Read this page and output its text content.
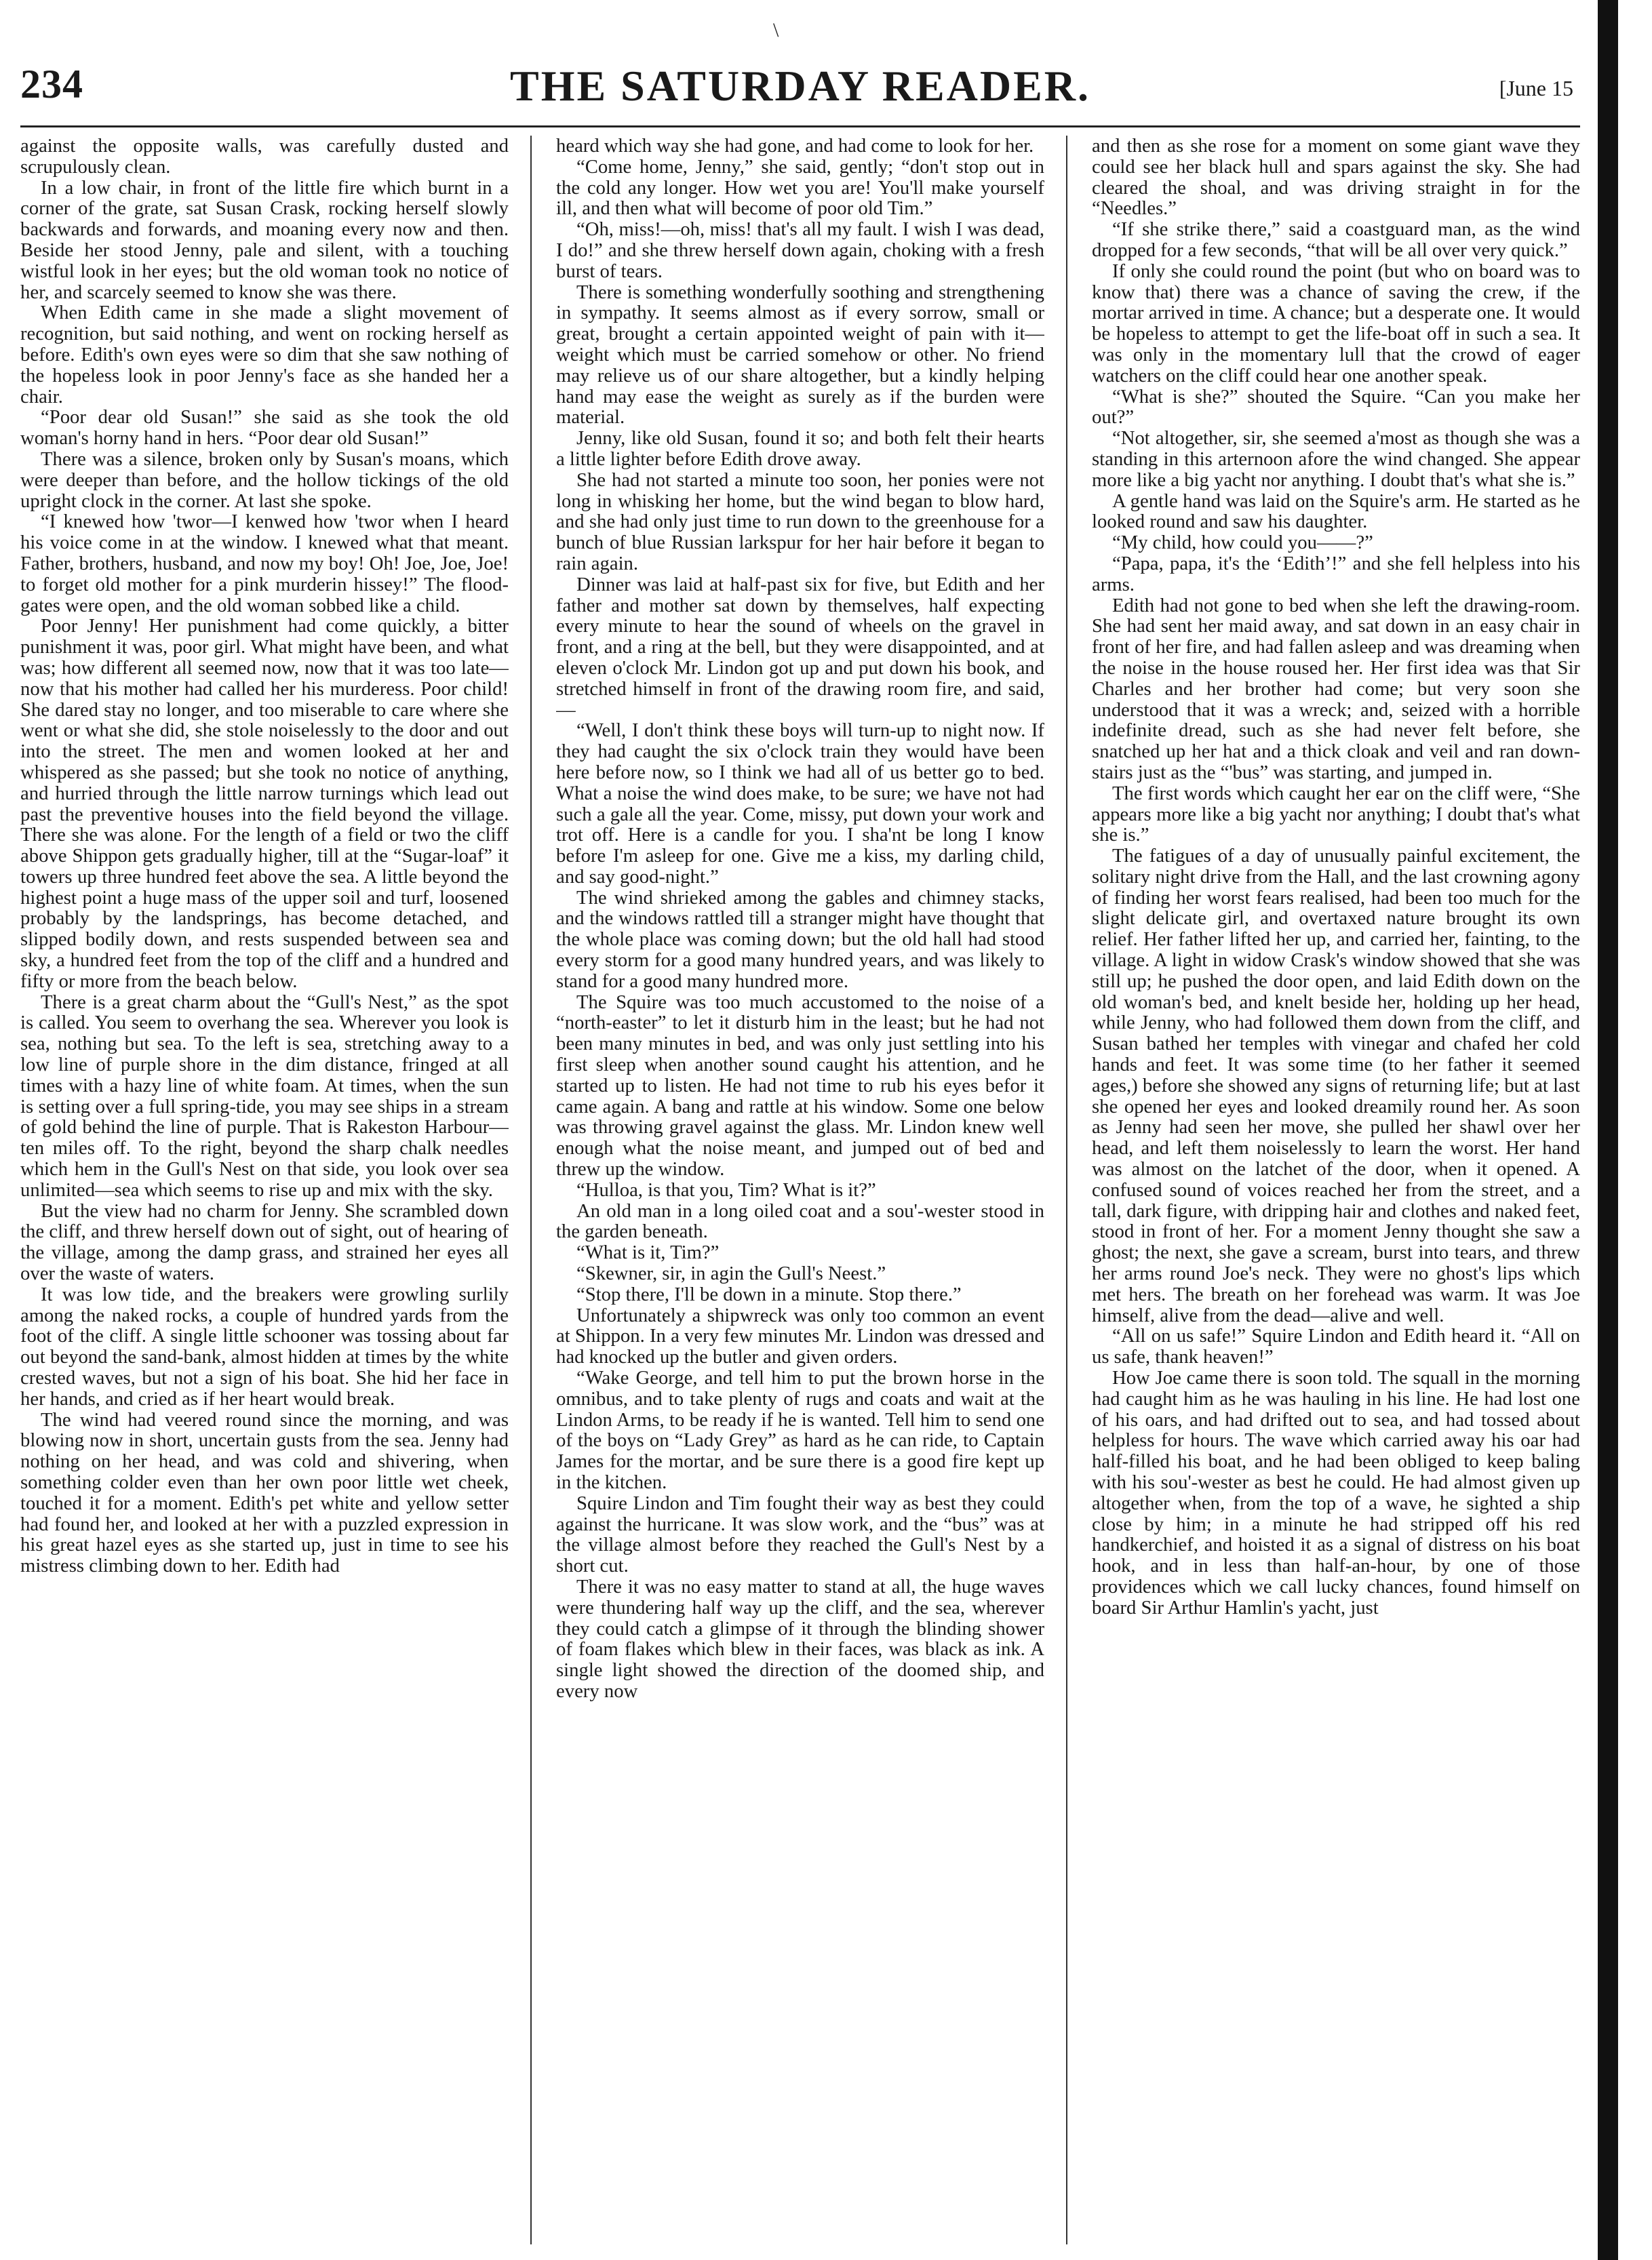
234	THE SATURDAY READER.	[June 15
\

against the opposite walls, was carefully dusted and scrupulously clean.

In a low chair, in front of the little fire which burnt in a corner of the grate, sat Susan Crask, rocking herself slowly backwards and forwards, and moaning every now and then. Beside her stood Jenny, pale and silent, with a touching wistful look in her eyes; but the old woman took no notice of her, and scarcely seemed to know she was there.

When Edith came in she made a slight movement of recognition, but said nothing, and went on rocking herself as before. Edith's own eyes were so dim that she saw nothing of the hopeless look in poor Jenny's face as she handed her a chair.

“Poor dear old Susan!” she said as she took the old woman's horny hand in hers. “Poor dear old Susan!”

There was a silence, broken only by Susan's moans, which were deeper than before, and the hollow tickings of the old upright clock in the corner. At last she spoke.

“I knewed how 'twor—I kenwed how 'twor when I heard his voice come in at the window. I knewed what that meant. Father, brothers, husband, and now my boy! Oh! Joe, Joe, Joe! to forget old mother for a pink murderin hissey!” The flood-gates were open, and the old woman sobbed like a child.

Poor Jenny! Her punishment had come quickly, a bitter punishment it was, poor girl. What might have been, and what was; how different all seemed now, now that it was too late—now that his mother had called her his murderess. Poor child! She dared stay no longer, and too miserable to care where she went or what she did, she stole noiselessly to the door and out into the street. The men and women looked at her and whispered as she passed; but she took no notice of anything, and hurried through the little narrow turnings which lead out past the preventive houses into the field beyond the village. There she was alone. For the length of a field or two the cliff above Shippon gets gradually higher, till at the “Sugar-loaf” it towers up three hundred feet above the sea. A little beyond the highest point a huge mass of the upper soil and turf, loosened probably by the landsprings, has become detached, and slipped bodily down, and rests suspended between sea and sky, a hundred feet from the top of the cliff and a hundred and fifty or more from the beach below.

There is a great charm about the “Gull's Nest,” as the spot is called. You seem to overhang the sea. Wherever you look is sea, nothing but sea. To the left is sea, stretching away to a low line of purple shore in the dim distance, fringed at all times with a hazy line of white foam. At times, when the sun is setting over a full spring-tide, you may see ships in a stream of gold behind the line of purple. That is Rakeston Harbour—ten miles off. To the right, beyond the sharp chalk needles which hem in the Gull's Nest on that side, you look over sea unlimited—sea which seems to rise up and mix with the sky.

But the view had no charm for Jenny. She scrambled down the cliff, and threw herself down out of sight, out of hearing of the village, among the damp grass, and strained her eyes all over the waste of waters.

It was low tide, and the breakers were growling surlily among the naked rocks, a couple of hundred yards from the foot of the cliff. A single little schooner was tossing about far out beyond the sand-bank, almost hidden at times by the white crested waves, but not a sign of his boat. She hid her face in her hands, and cried as if her heart would break.

The wind had veered round since the morning, and was blowing now in short, uncertain gusts from the sea. Jenny had nothing on her head, and was cold and shivering, when something colder even than her own poor little wet cheek, touched it for a moment. Edith's pet white and yellow setter had found her, and looked at her with a puzzled expression in his great hazel eyes as she started up, just in time to see his mistress climbing down to her. Edith had

heard which way she had gone, and had come to look for her.

“Come home, Jenny,” she said, gently; “don't stop out in the cold any longer. How wet you are! You'll make yourself ill, and then what will become of poor old Tim.”

“Oh, miss!—oh, miss! that's all my fault. I wish I was dead, I do!” and she threw herself down again, choking with a fresh burst of tears.

There is something wonderfully soothing and strengthening in sympathy. It seems almost as if every sorrow, small or great, brought a certain appointed weight of pain with it—weight which must be carried somehow or other. No friend may relieve us of our share altogether, but a kindly helping hand may ease the weight as surely as if the burden were material.

Jenny, like old Susan, found it so; and both felt their hearts a little lighter before Edith drove away.

She had not started a minute too soon, her ponies were not long in whisking her home, but the wind began to blow hard, and she had only just time to run down to the greenhouse for a bunch of blue Russian larkspur for her hair before it began to rain again.

Dinner was laid at half-past six for five, but Edith and her father and mother sat down by themselves, half expecting every minute to hear the sound of wheels on the gravel in front, and a ring at the bell, but they were disappointed, and at eleven o'clock Mr. Lindon got up and put down his book, and stretched himself in front of the drawing room fire, and said,—

“Well, I don't think these boys will turn-up to night now. If they had caught the six o'clock train they would have been here before now, so I think we had all of us better go to bed. What a noise the wind does make, to be sure; we have not had such a gale all the year. Come, missy, put down your work and trot off. Here is a candle for you. I sha'nt be long I know before I'm asleep for one. Give me a kiss, my darling child, and say good-night.”

The wind shrieked among the gables and chimney stacks, and the windows rattled till a stranger might have thought that the whole place was coming down; but the old hall had stood every storm for a good many hundred years, and was likely to stand for a good many hundred more.

The Squire was too much accustomed to the noise of a “north-easter” to let it disturb him in the least; but he had not been many minutes in bed, and was only just settling into his first sleep when another sound caught his attention, and he started up to listen. He had not time to rub his eyes befor it came again. A bang and rattle at his window. Some one below was throwing gravel against the glass. Mr. Lindon knew well enough what the noise meant, and jumped out of bed and threw up the window.

“Hulloa, is that you, Tim? What is it?”

An old man in a long oiled coat and a sou'-wester stood in the garden beneath.

“What is it, Tim?”

“Skewner, sir, in agin the Gull's Neest.”

“Stop there, I'll be down in a minute. Stop there.”

Unfortunately a shipwreck was only too common an event at Shippon. In a very few minutes Mr. Lindon was dressed and had knocked up the butler and given orders.

“Wake George, and tell him to put the brown horse in the omnibus, and to take plenty of rugs and coats and wait at the Lindon Arms, to be ready if he is wanted. Tell him to send one of the boys on “Lady Grey” as hard as he can ride, to Captain James for the mortar, and be sure there is a good fire kept up in the kitchen.

Squire Lindon and Tim fought their way as best they could against the hurricane. It was slow work, and the “bus” was at the village almost before they reached the Gull's Nest by a short cut.

There it was no easy matter to stand at all, the huge waves were thundering half way up the cliff, and the sea, wherever they could catch a glimpse of it through the blinding shower of foam flakes which blew in their faces, was black as ink. A single light showed the direction of the doomed ship, and every now

and then as she rose for a moment on some giant wave they could see her black hull and spars against the sky. She had cleared the shoal, and was driving straight in for the “Needles.”

“If she strike there,” said a coastguard man, as the wind dropped for a few seconds, “that will be all over very quick.”

If only she could round the point (but who on board was to know that) there was a chance of saving the crew, if the mortar arrived in time. A chance; but a desperate one. It would be hopeless to attempt to get the life-boat off in such a sea. It was only in the momentary lull that the crowd of eager watchers on the cliff could hear one another speak.

“What is she?” shouted the Squire. “Can you make her out?”

“Not altogether, sir, she seemed a'most as though she was a standing in this arternoon afore the wind changed. She appear more like a big yacht nor anything. I doubt that's what she is.”

A gentle hand was laid on the Squire's arm. He started as he looked round and saw his daughter.

“My child, how could you——?”

“Papa, papa, it's the ‘Edith’!” and she fell helpless into his arms.

Edith had not gone to bed when she left the drawing-room. She had sent her maid away, and sat down in an easy chair in front of her fire, and had fallen asleep and was dreaming when the noise in the house roused her. Her first idea was that Sir Charles and her brother had come; but very soon she understood that it was a wreck; and, seized with a horrible indefinite dread, such as she had never felt before, she snatched up her hat and a thick cloak and veil and ran down-stairs just as the “'bus” was starting, and jumped in.

The first words which caught her ear on the cliff were, “She appears more like a big yacht nor anything; I doubt that's what she is.”

The fatigues of a day of unusually painful excitement, the solitary night drive from the Hall, and the last crowning agony of finding her worst fears realised, had been too much for the slight delicate girl, and overtaxed nature brought its own relief. Her father lifted her up, and carried her, fainting, to the village. A light in widow Crask's window showed that she was still up; he pushed the door open, and laid Edith down on the old woman's bed, and knelt beside her, holding up her head, while Jenny, who had followed them down from the cliff, and Susan bathed her temples with vinegar and chafed her cold hands and feet. It was some time (to her father it seemed ages,) before she showed any signs of returning life; but at last she opened her eyes and looked dreamily round her. As soon as Jenny had seen her move, she pulled her shawl over her head, and left them noiselessly to learn the worst. Her hand was almost on the latchet of the door, when it opened. A confused sound of voices reached her from the street, and a tall, dark figure, with dripping hair and clothes and naked feet, stood in front of her. For a moment Jenny thought she saw a ghost; the next, she gave a scream, burst into tears, and threw her arms round Joe's neck. They were no ghost's lips which met hers. The breath on her forehead was warm. It was Joe himself, alive from the dead—alive and well.

“All on us safe!” Squire Lindon and Edith heard it. “All on us safe, thank heaven!”

How Joe came there is soon told. The squall in the morning had caught him as he was hauling in his line. He had lost one of his oars, and had drifted out to sea, and had tossed about helpless for hours. The wave which carried away his oar had half-filled his boat, and he had been obliged to keep baling with his sou'-wester as best he could. He had almost given up altogether when, from the top of a wave, he sighted a ship close by him; in a minute he had stripped off his red handkerchief, and hoisted it as a signal of distress on his boat hook, and in less than half-an-hour, by one of those providences which we call lucky chances, found himself on board Sir Arthur Hamlin's yacht, just
